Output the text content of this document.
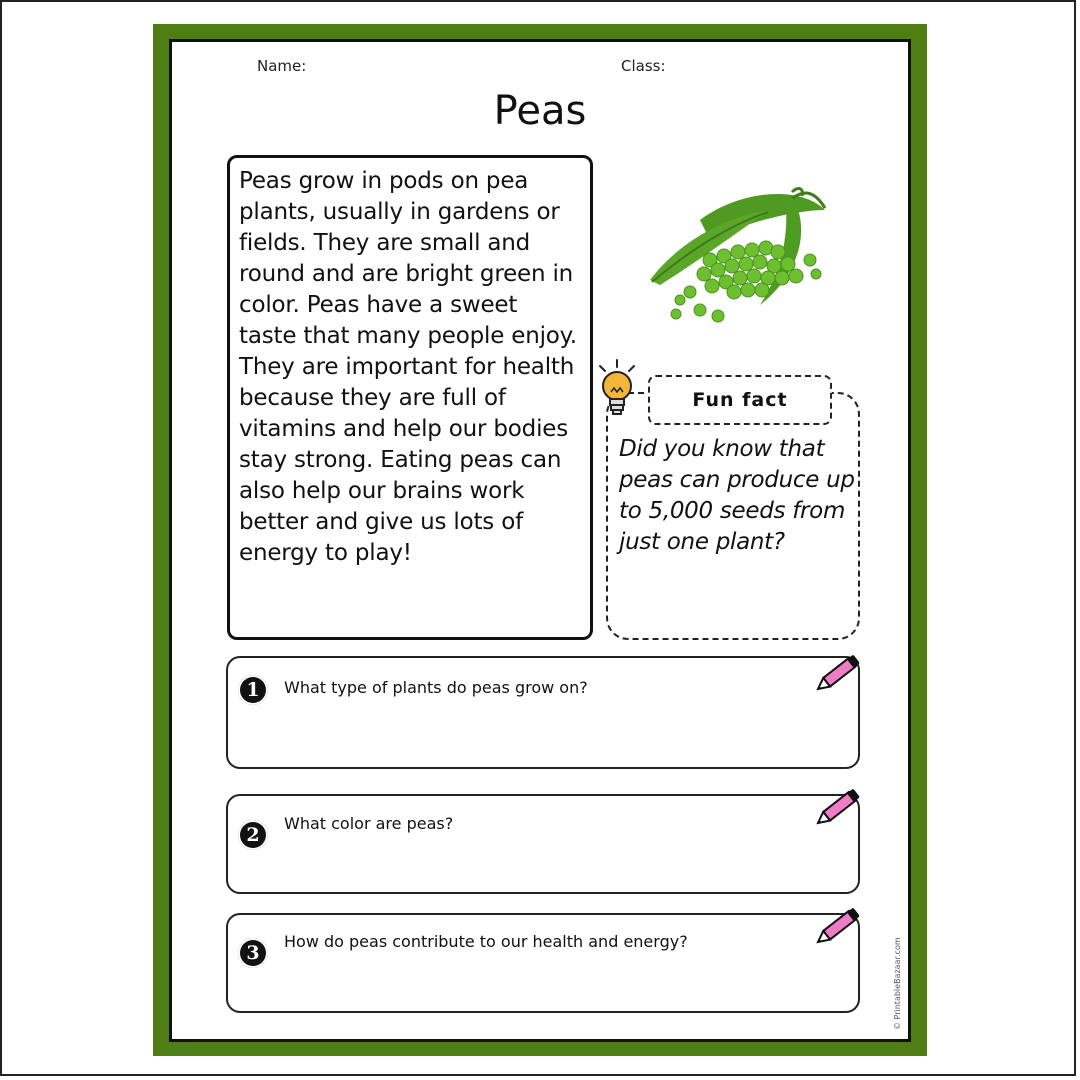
Name:	Class:
Peas

Peas grow in pods on pea plants, usually in gardens or fields. They are small and round and are bright green in color. Peas have a sweet taste that many people enjoy. They are important for health because they are full of vitamins and help our bodies stay strong. Eating peas can also help our brains work better and give us lots of energy to play!

Fun fact
Did you know that peas can produce up to 5,000 seeds from just one plant?
1	What type of plants do peas grow on?
2
What color are peas?
3
How do peas contribute to our health and energy?	© PrintableBazaar.com
